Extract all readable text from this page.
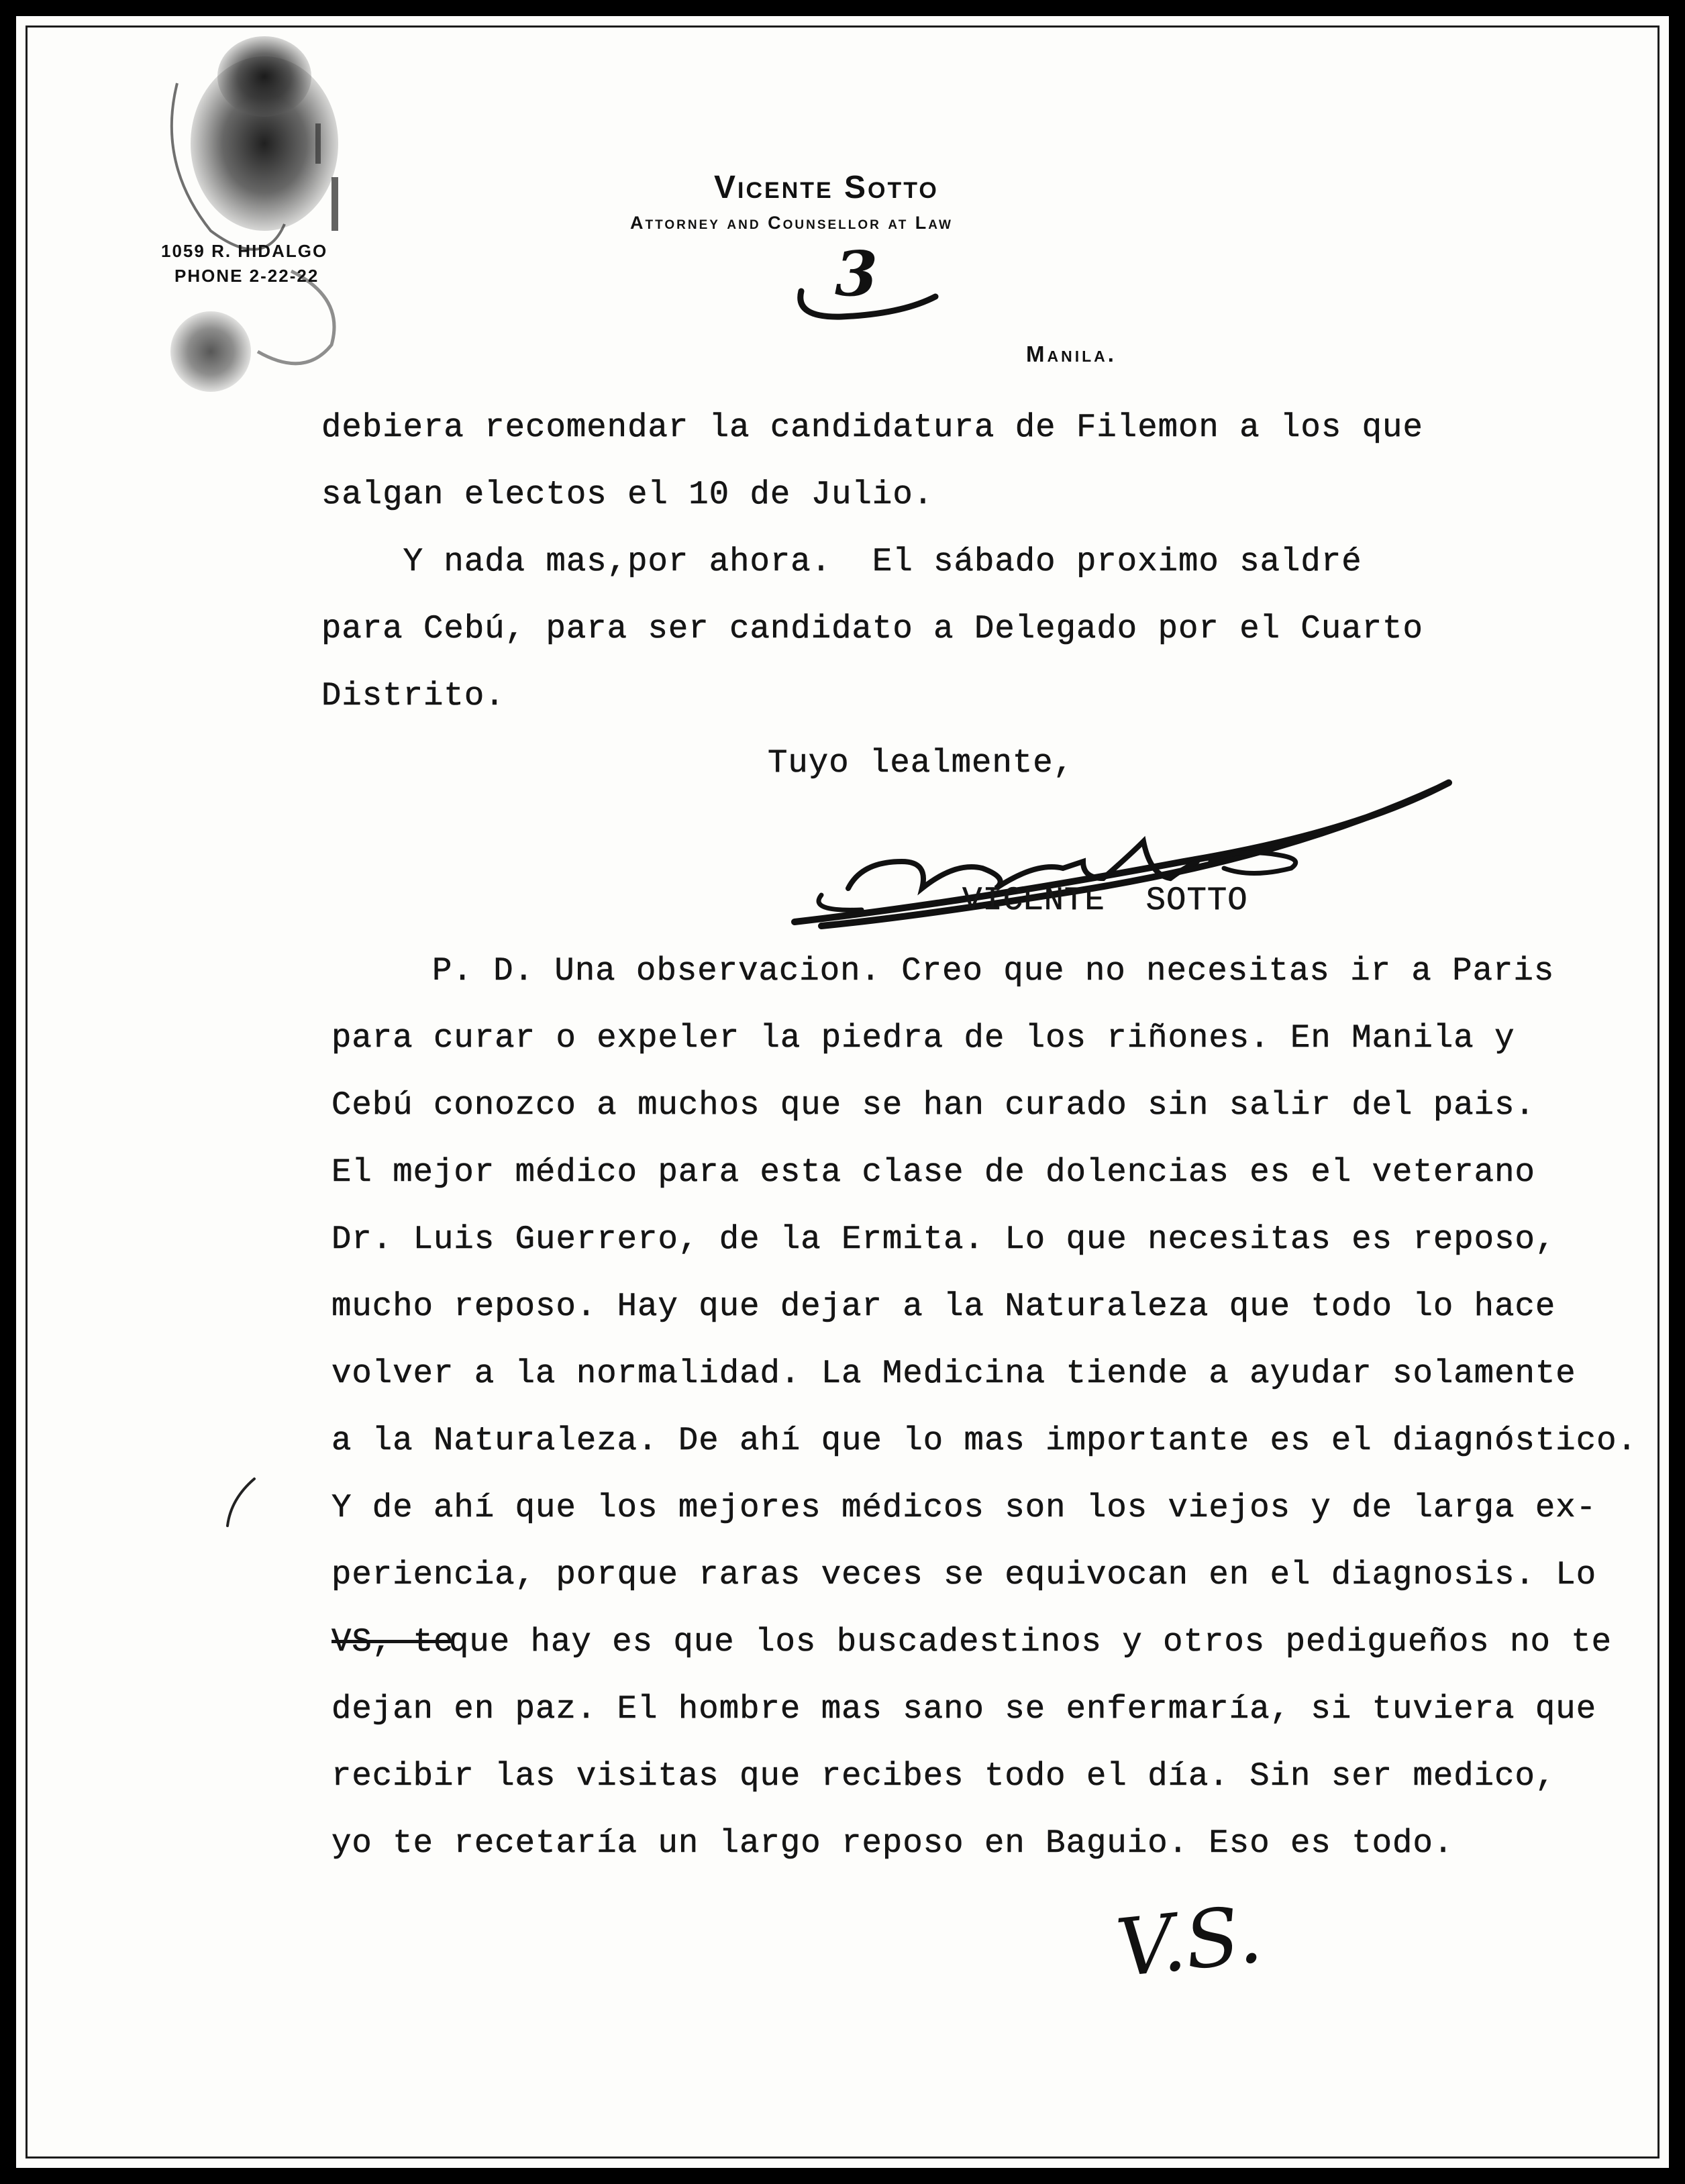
1059 R. HIDALGO
PHONE 2-22-22
Vicente Sotto
Attorney and Counsellor at Law
3
Manila.
debiera recomendar la candidatura de Filemon a los que
salgan electos el 10 de Julio.
Y nada mas,por ahora.  El sábado proximo saldré
para Cebú, para ser candidato a Delegado por el Cuarto
Distrito.
Tuyo lealmente,
VICENTE  SOTTO
P. D. Una observacion. Creo que no necesitas ir a Paris
para curar o expeler la piedra de los riñones. En Manila y
Cebú conozco a muchos que se han curado sin salir del pais.
El mejor médico para esta clase de dolencias es el veterano
Dr. Luis Guerrero, de la Ermita. Lo que necesitas es reposo,
mucho reposo. Hay que dejar a la Naturaleza que todo lo hace
volver a la normalidad. La Medicina tiende a ayudar solamente
a la Naturaleza. De ahí que lo mas importante es el diagnóstico.
Y de ahí que los mejores médicos son los viejos y de larga ex-
periencia, porque raras veces se equivocan en el diagnosis. Lo
VS, te
que hay es que los buscadestinos y otros pedigueños no te
dejan en paz. El hombre mas sano se enfermaría, si tuviera que
recibir las visitas que recibes todo el día. Sin ser medico,
yo te recetaría un largo reposo en Baguio. Eso es todo.
V.S.
